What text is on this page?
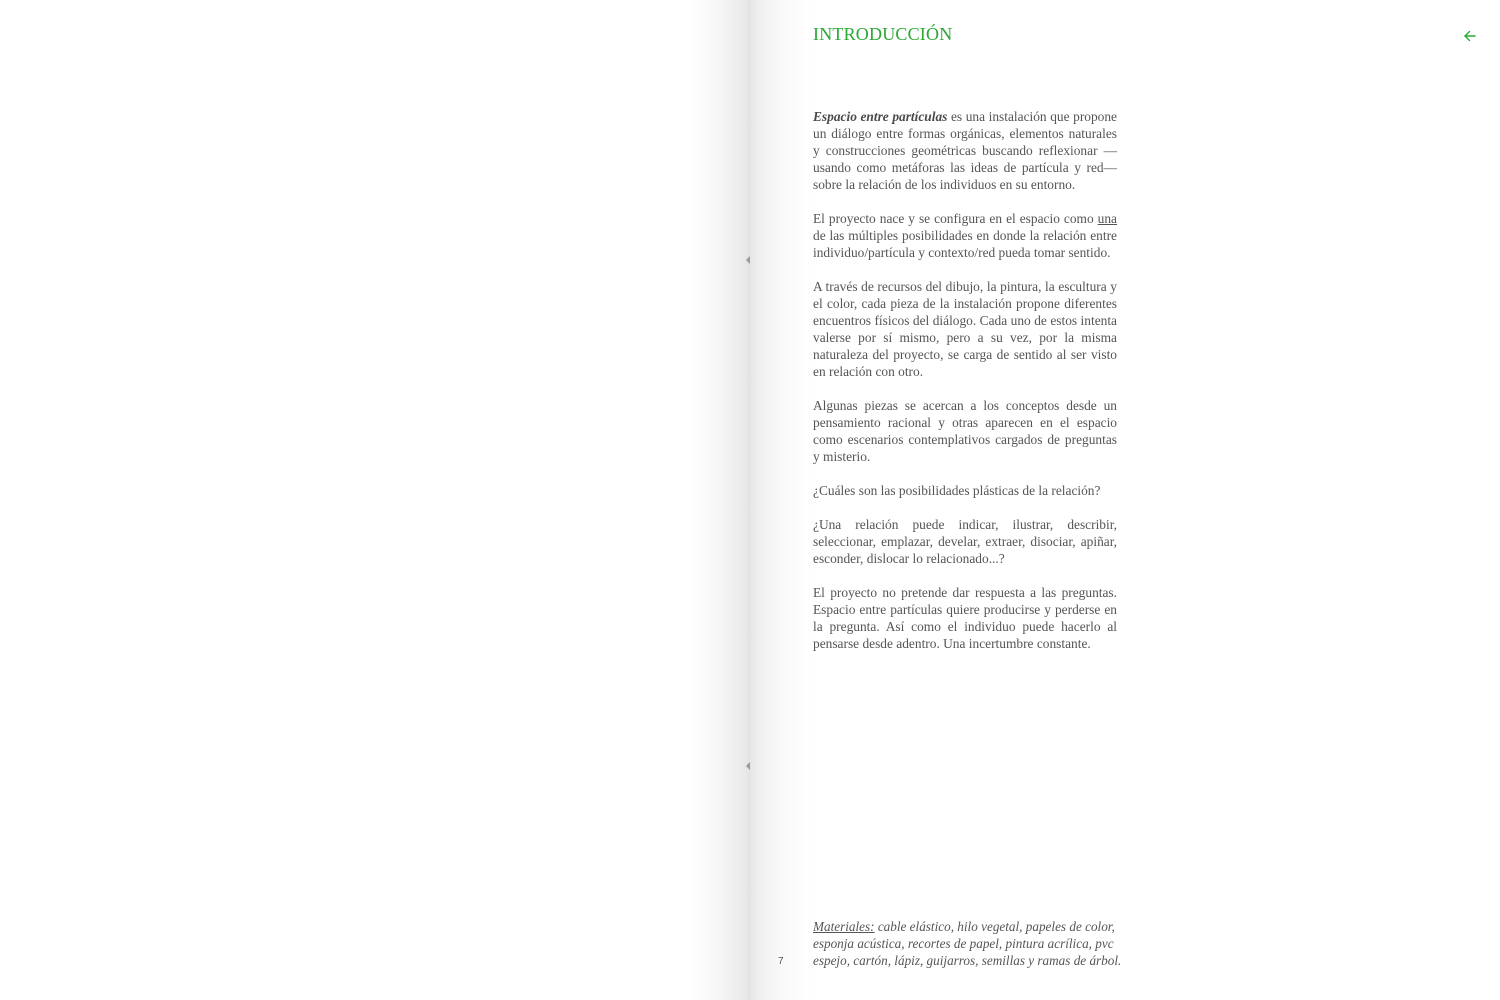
INTRODUCCIÓN

Espacio entre partículas es una instalación que propone un diálogo entre formas orgánicas, elementos naturales y construcciones geométricas buscando reflexionar —usando como metáforas las ideas de partícula y red— sobre la relación de los individuos en su entorno.

El proyecto nace y se configura en el espacio como una de las múltiples posibilidades en donde la relación entre individuo/partícula y contexto/red pueda tomar sentido.

A través de recursos del dibujo, la pintura, la escultura y el color, cada pieza de la instalación propone diferentes encuentros físicos del diálogo. Cada uno de estos intenta valerse por sí mismo, pero a su vez, por la misma naturaleza del proyecto, se carga de sentido al ser visto en relación con otro.

Algunas piezas se acercan a los conceptos desde un pensamiento racional y otras aparecen en el espacio como escenarios contemplativos cargados de preguntas y misterio.

¿Cuáles son las posibilidades plásticas de la relación?

¿Una relación puede indicar, ilustrar, describir, seleccionar, emplazar, develar, extraer, disociar, apiñar, esconder, dislocar lo relacionado...?

El proyecto no pretende dar respuesta a las preguntas. Espacio entre partículas quiere producirse y perderse en la pregunta. Así como el individuo puede hacerlo al pensarse desde adentro. Una incertumbre constante.

Materiales: cable elástico, hilo vegetal, papeles de color, esponja acústica, recortes de papel, pintura acrílica, pvc espejo, cartón, lápiz, guijarros, semillas y ramas de árbol.

7
